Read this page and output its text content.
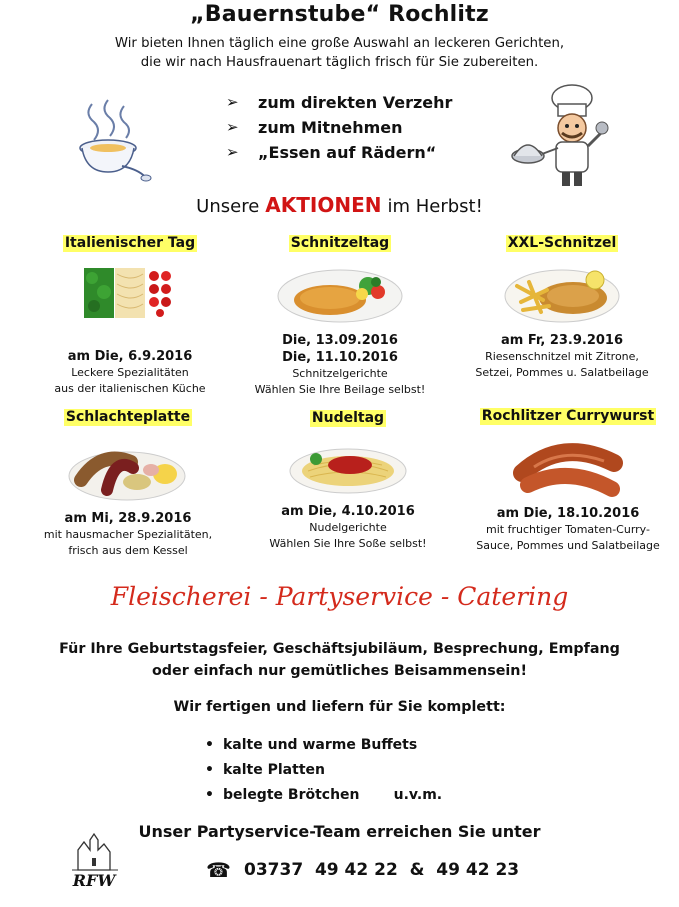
„Bauernstube“ Rochlitz
Wir bieten Ihnen täglich eine große Auswahl an leckeren Gerichten,
die wir nach Hausfrauenart täglich frisch für Sie zubereiten.
➢	zum direkten Verzehr
➢	zum Mitnehmen
➢	„Essen auf Rädern“
Unsere AKTIONEN im Herbst!
Italienischer Tag
am Die, 6.9.2016
Leckere Spezialitäten
aus der italienischen Küche
Schnitzeltag
Die, 13.09.2016
Die, 11.10.2016
Schnitzelgerichte
Wählen Sie Ihre Beilage selbst!
XXL-Schnitzel
am Fr, 23.9.2016
Riesenschnitzel mit Zitrone,
Setzei, Pommes u. Salatbeilage
Schlachteplatte
am Mi, 28.9.2016
mit hausmacher Spezialitäten,
frisch aus dem Kessel
Nudeltag
am Die, 4.10.2016
Nudelgerichte
Wählen Sie Ihre Soße selbst!
Rochlitzer Currywurst
am Die, 18.10.2016
mit fruchtiger Tomaten-Curry-
Sauce, Pommes und Salatbeilage
Fleischerei - Partyservice - Catering
Für Ihre Geburtstagsfeier, Geschäftsjubiläum, Besprechung, Empfang
oder einfach nur gemütliches Beisammensein!
Wir fertigen und liefern für Sie komplett:
• kalte und warme Buffets
• kalte Platten
• belegte Brötchen       u.v.m.
Unser Partyservice-Team erreichen Sie unter
RFW	☎ 03737  49 42 22  &  49 42 23
